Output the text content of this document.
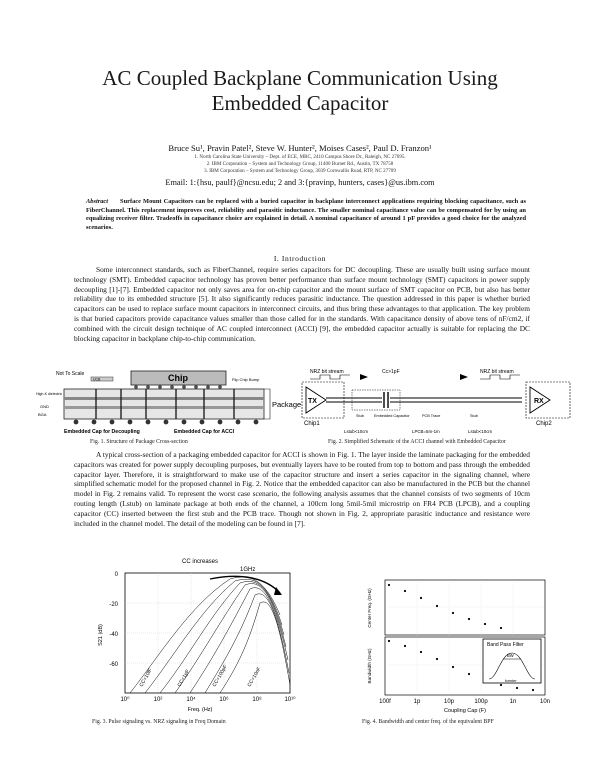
AC Coupled Backplane Communication Using
Embedded Capacitor
Bruce Su¹, Pravin Patel², Steve W. Hunter², Moises Cases², Paul D. Franzon¹
1. North Carolina State University – Dept. of ECE, MRC, 2410 Campus Shore Dr., Raleigh, NC 27695.
2. IBM Corporation – System and Technology Group, 11400 Burnet Rd., Austin, TX 78758
3. IBM Corporation – System and Technology Group, 3039 Cornwallis Road, RTP, NC 27709
Email: 1:{hsu, paulf}@ncsu.edu; 2 and 3:{pravinp, hunters, cases}@us.ibm.com
Abstract Surface Mount Capacitors can be replaced with a buried capacitor in backplane interconnect applications requiring blocking capacitance, such as FiberChannel. This replacement improves cost, reliability and parasitic inductance. The smaller nominal capacitance value can be compensated for by using an equalizing receiver filter. Tradeoffs in capacitance choice are explained in detail. A nominal capacitance of around 1 pF provides a good choice for the analyzed scenarios.
I. Introduction
Some interconnect standards, such as FiberChannel, require series capacitors for DC decoupling. These are usually built using surface mount technology (SMT). Embedded capacitor technology has proven better performance than surface mount technology (SMT) capacitors in power supply decoupling [1]-[7]. Embedded capacitor not only saves area for on-chip capacitor and the mount surface of SMT capacitor on PCB, but also has better reliability due to its embedded structure [5]. It also significantly reduces parasitic inductance. The question addressed in this paper is whether buried capacitors can be used to replace surface mount capacitors in interconnect circuits, and thus bring these advantages to that application. The key problem is that buried capacitors provide capacitance values smaller than those called for in the standards. With capacitance density of above tens of nF/cm2, if combined with the circuit design technique of AC coupled interconnect (ACCI) [9], the embedded capacitor actually is suitable for replacing the DC blocking capacitor in backplane chip-to-chip communication.
Not To Scale
UCB	Chip	Flip Chip Bump
Package
High-K dielectric
GND
BGA
Embedded Cap for Decoupling	Embedded Cap for ACCI
Fig. 1. Structure of Package Cross-section
NRZ bit stream	NRZ bit stream
Cc>1pF
TX
Chip1
RX
Chip2
Stub	Embedded Capacitor	PCB Trace	Stub
Lstub<10cm	LPCB=5m-1m	Lstub<10cm
Fig. 2. Simplified Schematic of the ACCI channel with Embedded Capacitor
A typical cross-section of a packaging embedded capacitor for ACCI is shown in Fig. 1. The layer inside the laminate packaging for the embedded capacitors was created for power supply decoupling purposes, but eventually layers have to be routed from top to bottom and pass through the embedded capacitor layer. Therefore, it is straightforward to make use of the capacitor structure and insert a series capacitor in the signaling channel, where simplified schematic model for the proposed channel in Fig. 2. Notice that the embedded capacitor can also be manufactured in the PCB but the channel model in Fig. 2 remains valid. To represent the worst case scenario, the following analysis assumes that the channel consists of two segments of 10cm routing length (Lstub) on laminate package at both ends of the channel, a 100cm long 5mil-5mil microstrip on FR4 PCB (LPCB), and a coupling capacitor (CC) inserted between the first stub and the PCB trace. Though not shown in Fig. 2, appropriate parasitic inductance and resistance were included in the channel model. The detail of the modeling can be found in [7].
CC increases
1GHz
0
-20
-40
-60
10⁰	10²	10⁴	10⁶	10⁸	10¹⁰
Freq. (Hz)
S21 (dB)
CC=10fF	CC=1pF	CC=100pF	CC=10nF
Fig. 3. Pulse signaling vs. NRZ signaling in Freq Domain
Band Pass Filter
BW
fcenter
100f	1p	10p	100p	1n	10n
Coupling Cap (F)
Center Freq. (GHz)
Bandwidth (GHz)
Fig. 4. Bandwidth and center freq. of the equivalent BPF
